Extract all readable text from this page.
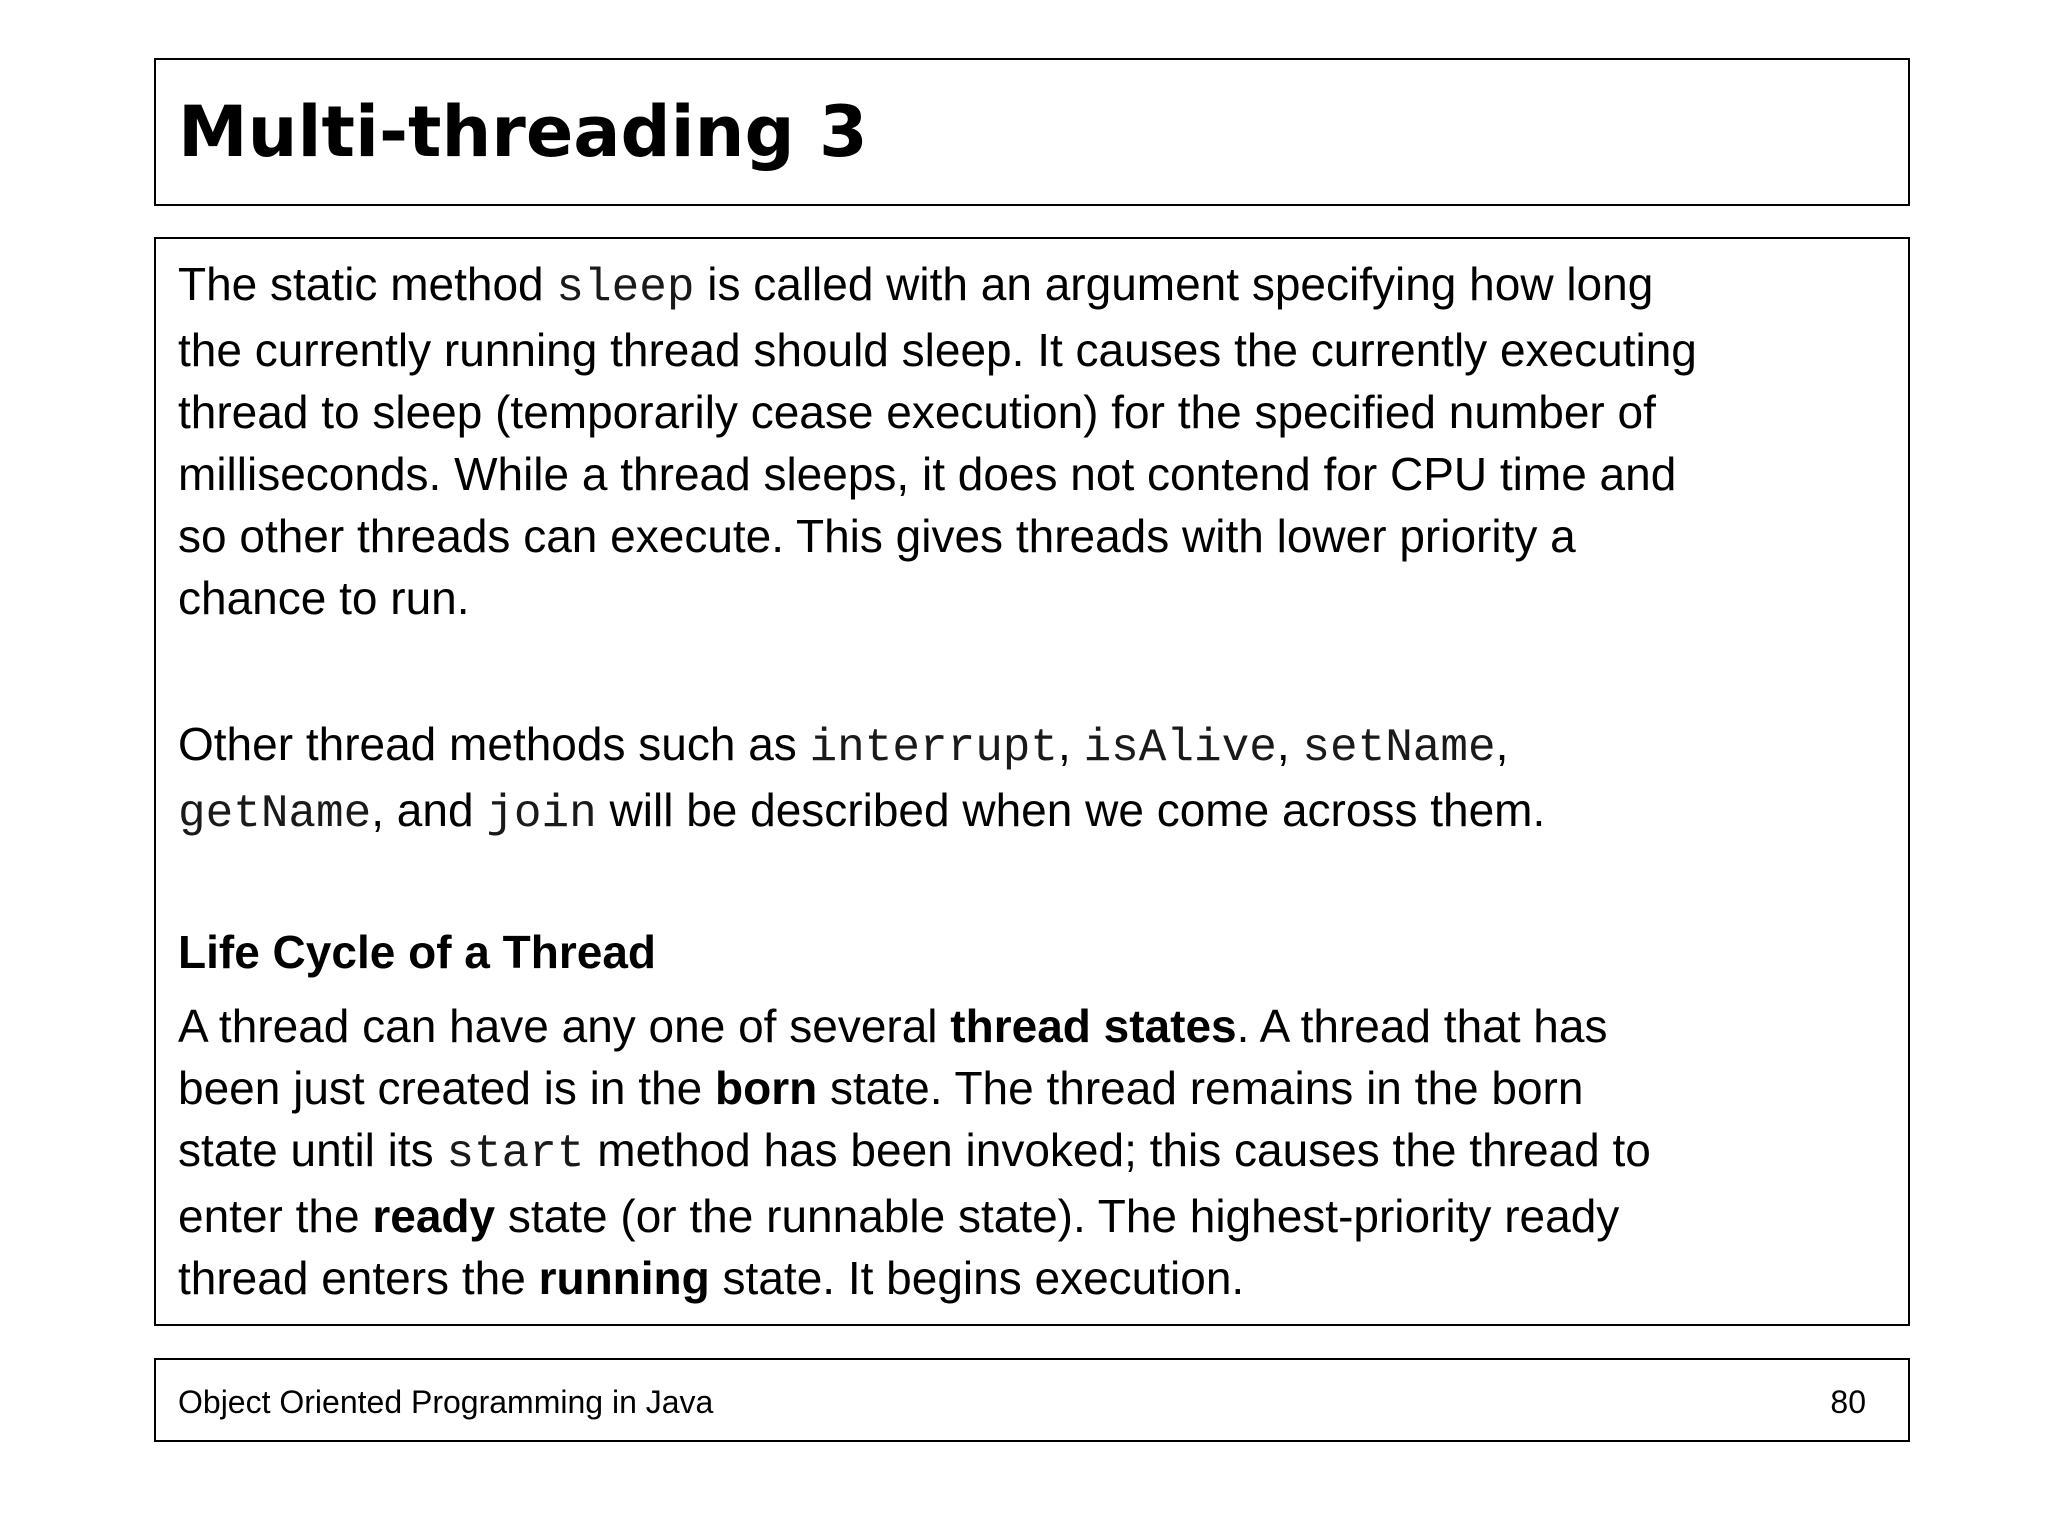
Multi-threading 3

The static method sleep is called with an argument specifying how long
the currently running thread should sleep. It causes the currently executing
thread to sleep (temporarily cease execution) for the specified number of
milliseconds. While a thread sleeps, it does not contend for CPU time and
so other threads can execute. This gives threads with lower priority a
chance to run.

Other thread methods such as interrupt, isAlive, setName,
getName, and join will be described when we come across them.

Life Cycle of a Thread

A thread can have any one of several thread states. A thread that has
been just created is in the born state. The thread remains in the born
state until its start method has been invoked; this causes the thread to
enter the ready state (or the runnable state). The highest-priority ready
thread enters the running state. It begins execution.

Object Oriented Programming in Java	80
